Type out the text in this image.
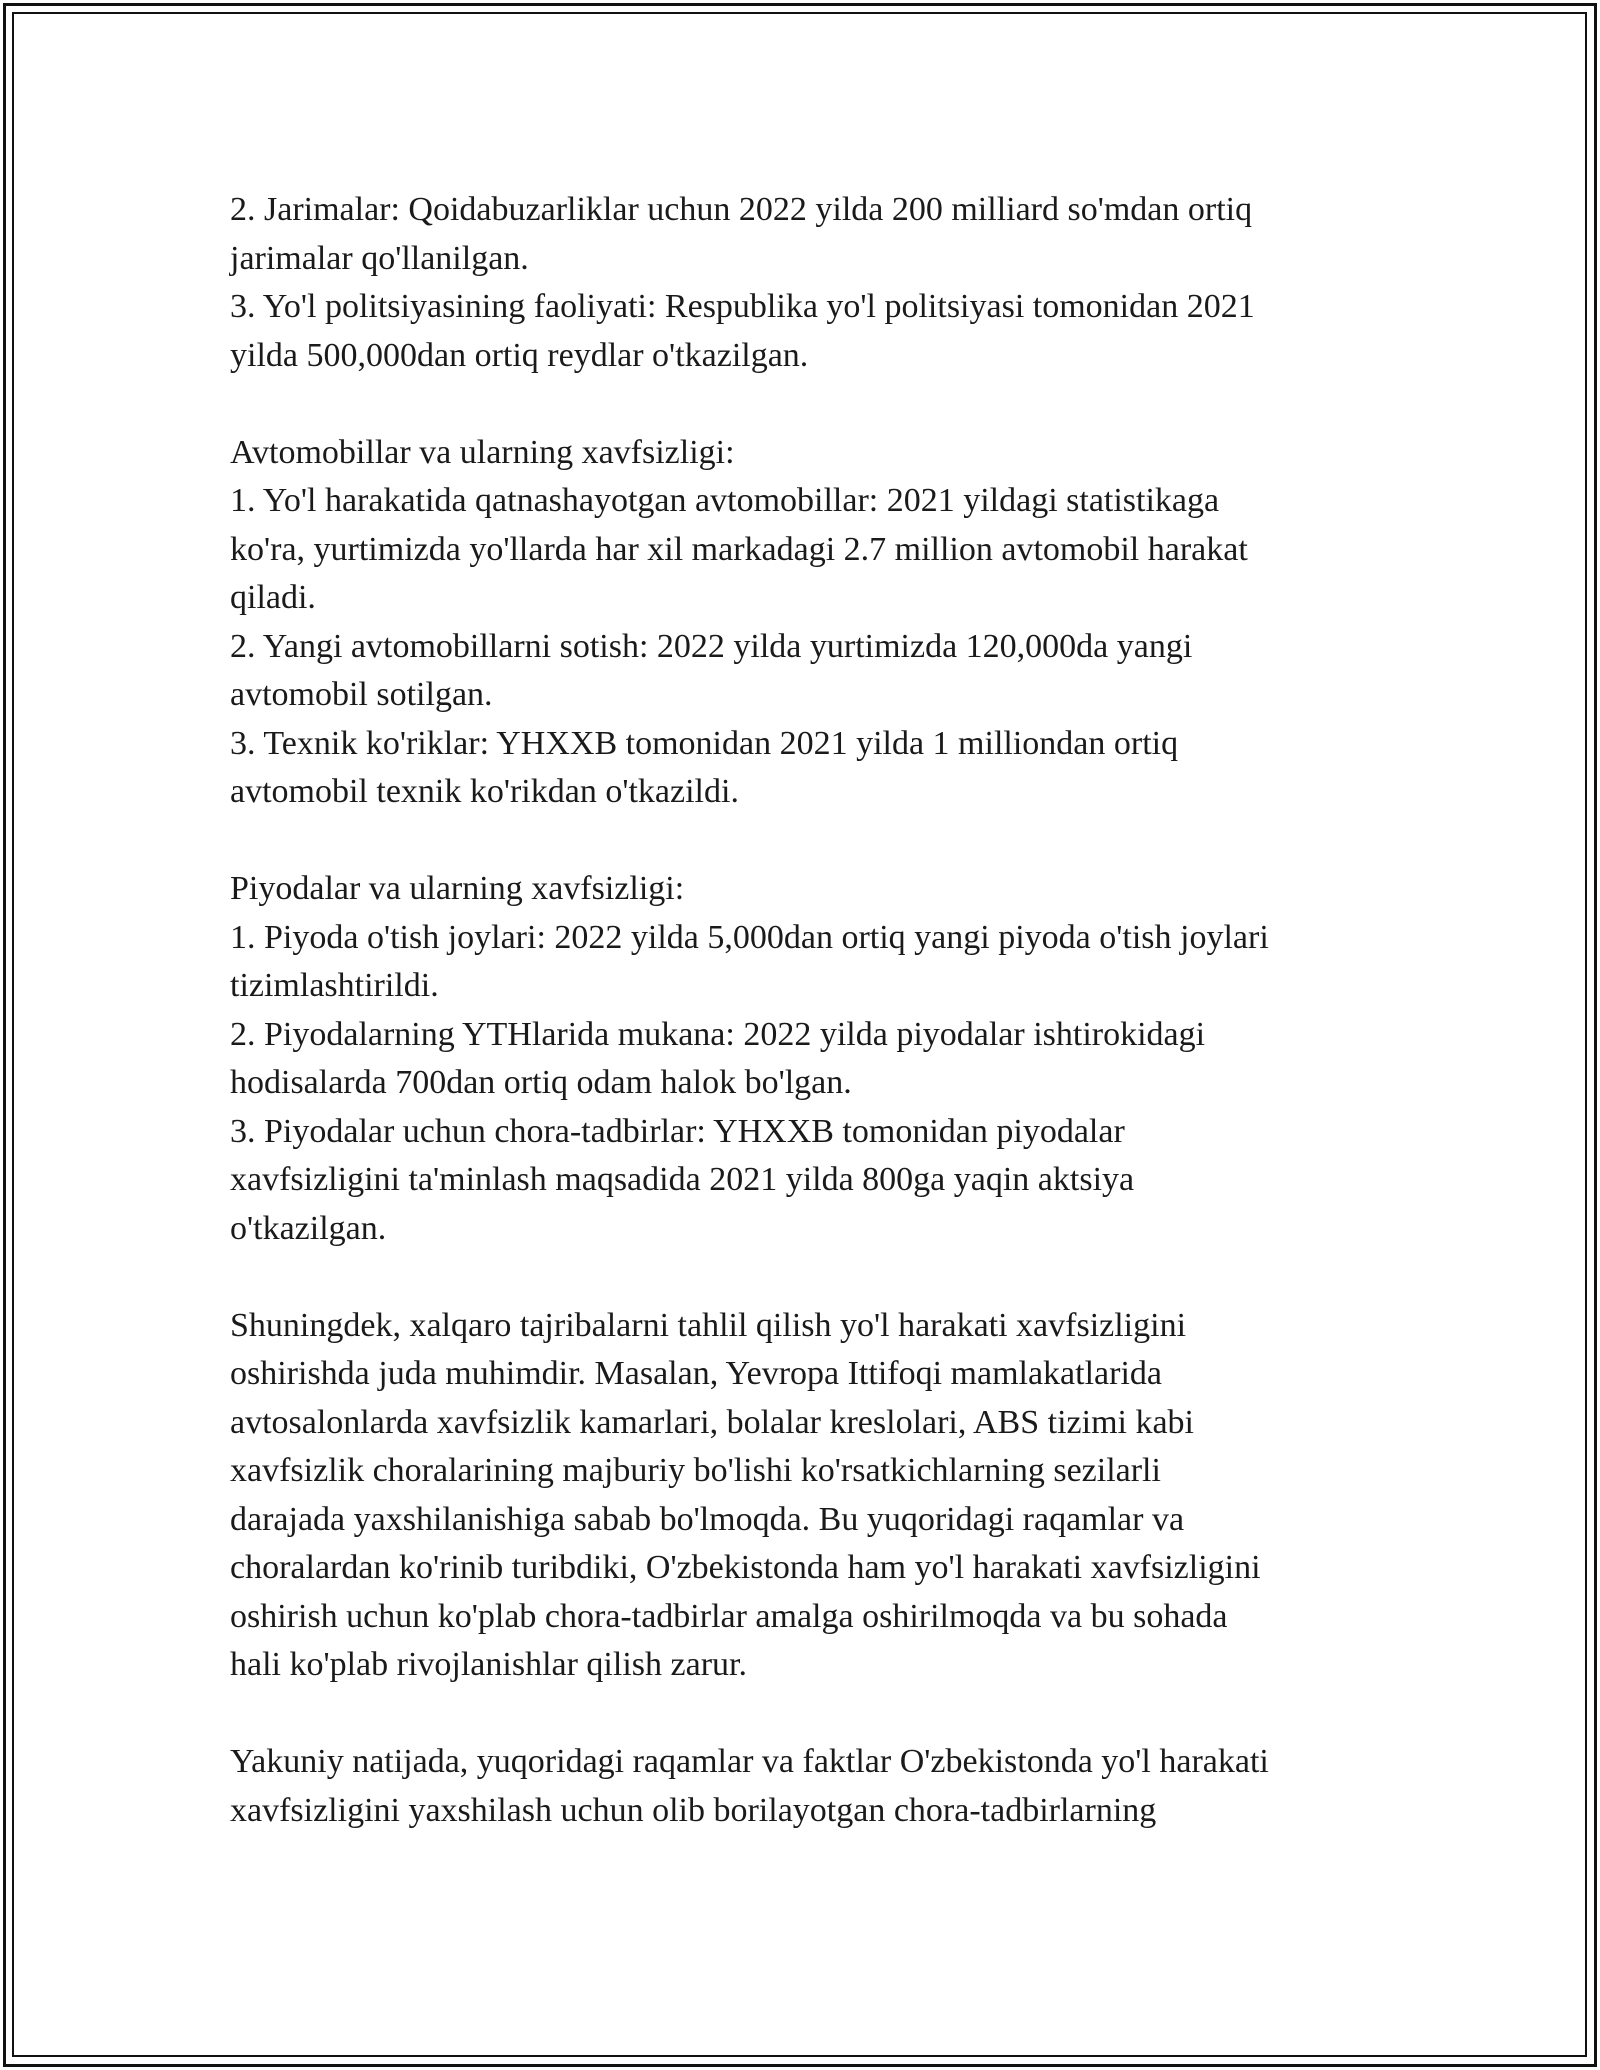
2. Jarimalar: Qoidabuzarliklar uchun 2022 yilda 200 milliard so'mdan ortiq
jarimalar qo'llanilgan.
3. Yo'l politsiyasining faoliyati: Respublika yo'l politsiyasi tomonidan 2021
yilda 500,000dan ortiq reydlar o'tkazilgan.

Avtomobillar va ularning xavfsizligi:
1. Yo'l harakatida qatnashayotgan avtomobillar: 2021 yildagi statistikaga
ko'ra, yurtimizda yo'llarda har xil markadagi 2.7 million avtomobil harakat
qiladi.
2. Yangi avtomobillarni sotish: 2022 yilda yurtimizda 120,000da yangi
avtomobil sotilgan.
3. Texnik ko'riklar: YHXXB tomonidan 2021 yilda 1 milliondan ortiq
avtomobil texnik ko'rikdan o'tkazildi.

Piyodalar va ularning xavfsizligi:
1. Piyoda o'tish joylari: 2022 yilda 5,000dan ortiq yangi piyoda o'tish joylari
tizimlashtirildi.
2. Piyodalarning YTHlarida mukana: 2022 yilda piyodalar ishtirokidagi
hodisalarda 700dan ortiq odam halok bo'lgan.
3. Piyodalar uchun chora-tadbirlar: YHXXB tomonidan piyodalar
xavfsizligini ta'minlash maqsadida 2021 yilda 800ga yaqin aktsiya
o'tkazilgan.

Shuningdek, xalqaro tajribalarni tahlil qilish yo'l harakati xavfsizligini
oshirishda juda muhimdir. Masalan, Yevropa Ittifoqi mamlakatlarida
avtosalonlarda xavfsizlik kamarlari, bolalar kreslolari, ABS tizimi kabi
xavfsizlik choralarining majburiy bo'lishi ko'rsatkichlarning sezilarli
darajada yaxshilanishiga sabab bo'lmoqda. Bu yuqoridagi raqamlar va
choralardan ko'rinib turibdiki, O'zbekistonda ham yo'l harakati xavfsizligini
oshirish uchun ko'plab chora-tadbirlar amalga oshirilmoqda va bu sohada
hali ko'plab rivojlanishlar qilish zarur.

Yakuniy natijada, yuqoridagi raqamlar va faktlar O'zbekistonda yo'l harakati
xavfsizligini yaxshilash uchun olib borilayotgan chora-tadbirlarning
